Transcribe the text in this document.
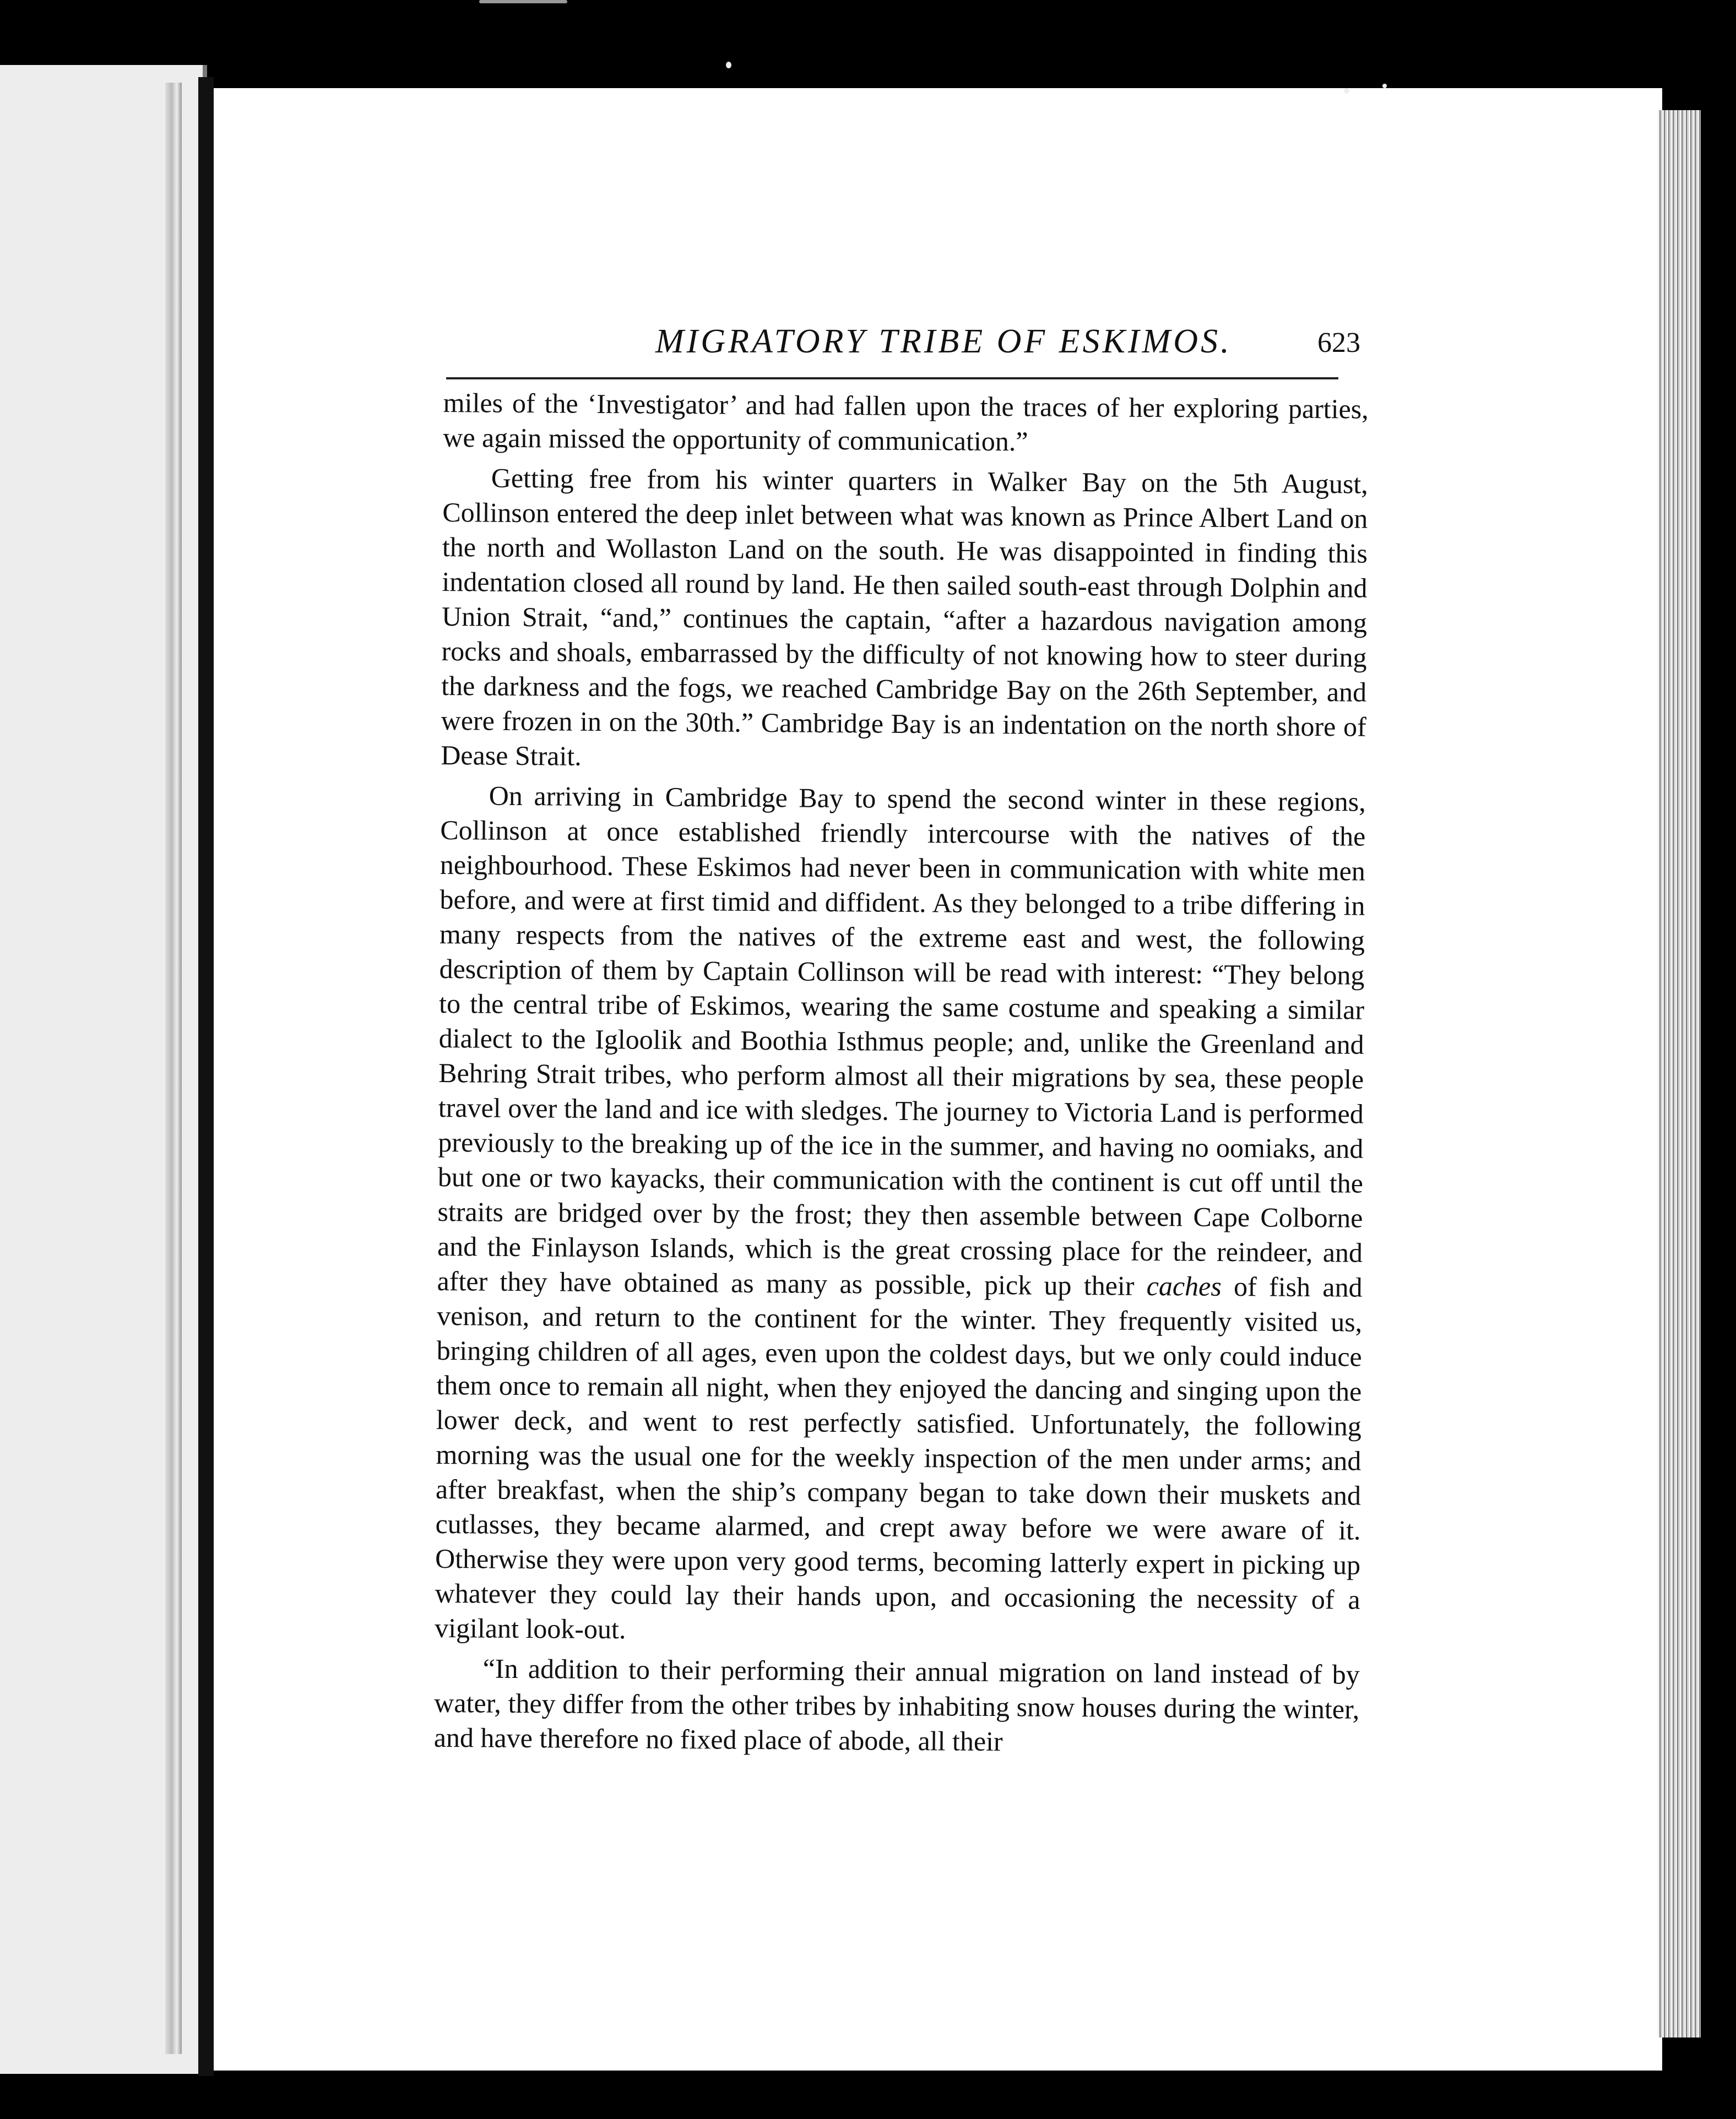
MIGRATORY TRIBE OF ESKIMOS.	623

miles of the ‘Investigator’ and had fallen upon the traces of her exploring parties, we again missed the opportunity of communication.”

Getting free from his winter quarters in Walker Bay on the 5th August, Collinson entered the deep inlet between what was known as Prince Albert Land on the north and Wollaston Land on the south. He was disappointed in finding this indentation closed all round by land. He then sailed south-east through Dolphin and Union Strait, “and,” continues the captain, “after a hazardous navigation among rocks and shoals, embarrassed by the difficulty of not knowing how to steer during the darkness and the fogs, we reached Cambridge Bay on the 26th September, and were frozen in on the 30th.” Cambridge Bay is an indentation on the north shore of Dease Strait.

On arriving in Cambridge Bay to spend the second winter in these regions, Collinson at once established friendly intercourse with the natives of the neighbourhood. These Eskimos had never been in communication with white men before, and were at first timid and diffident. As they belonged to a tribe differing in many respects from the natives of the extreme east and west, the following description of them by Captain Collinson will be read with interest: “They belong to the central tribe of Eskimos, wearing the same costume and speaking a similar dialect to the Igloolik and Boothia Isthmus people; and, unlike the Greenland and Behring Strait tribes, who perform almost all their migrations by sea, these people travel over the land and ice with sledges. The journey to Victoria Land is performed previously to the breaking up of the ice in the summer, and having no oomiaks, and but one or two kayacks, their communication with the continent is cut off until the straits are bridged over by the frost; they then assemble between Cape Colborne and the Finlayson Islands, which is the great crossing place for the reindeer, and after they have obtained as many as possible, pick up their caches of fish and venison, and return to the continent for the winter. They frequently visited us, bringing children of all ages, even upon the coldest days, but we only could induce them once to remain all night, when they enjoyed the dancing and singing upon the lower deck, and went to rest perfectly satisfied. Unfortunately, the following morning was the usual one for the weekly inspection of the men under arms; and after breakfast, when the ship’s company began to take down their muskets and cutlasses, they became alarmed, and crept away before we were aware of it. Otherwise they were upon very good terms, becoming latterly expert in picking up whatever they could lay their hands upon, and occasioning the necessity of a vigilant look-out.

“In addition to their performing their annual migration on land instead of by water, they differ from the other tribes by inhabiting snow houses during the winter, and have therefore no fixed place of abode, all their
